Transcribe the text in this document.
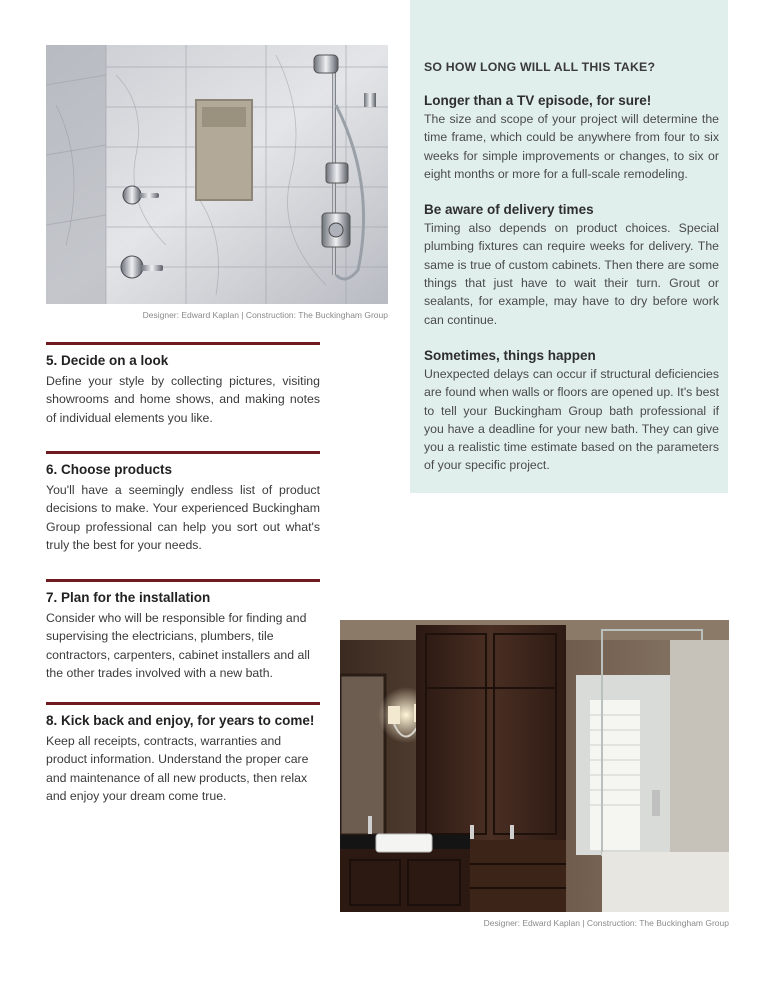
Designer: Edward Kaplan | Construction: The Buckingham Group
5. Decide on a look

Define your style by collecting pictures, visiting showrooms and home shows, and making notes of individual elements you like.

6. Choose products

You'll have a seemingly endless list of product decisions to make. Your experienced Buckingham Group professional can help you sort out what's truly the best for your needs.

7. Plan for the installation

Consider who will be responsible for finding and supervising the electricians, plumbers, tile contractors, carpenters, cabinet installers and all the other trades involved with a new bath.

8. Kick back and enjoy, for years to come!

Keep all receipts, contracts, warranties and product information. Understand the proper care and maintenance of all new products, then relax and enjoy your dream come true.

SO HOW LONG WILL ALL THIS TAKE?
Longer than a TV episode, for sure!

The size and scope of your project will determine the time frame, which could be anywhere from four to six weeks for simple improvements or changes, to six or eight months or more for a full-scale remodeling.

Be aware of delivery times

Timing also depends on product choices. Special plumbing fixtures can require weeks for delivery. The same is true of custom cabinets. Then there are some things that just have to wait their turn. Grout or sealants, for example, may have to dry before work can continue.

Sometimes, things happen

Unexpected delays can occur if structural deficiencies are found when walls or floors are opened up. It's best to tell your Buckingham Group bath professional if you have a deadline for your new bath. They can give you a realistic time estimate based on the parameters of your specific project.

Designer: Edward Kaplan | Construction: The Buckingham Group
